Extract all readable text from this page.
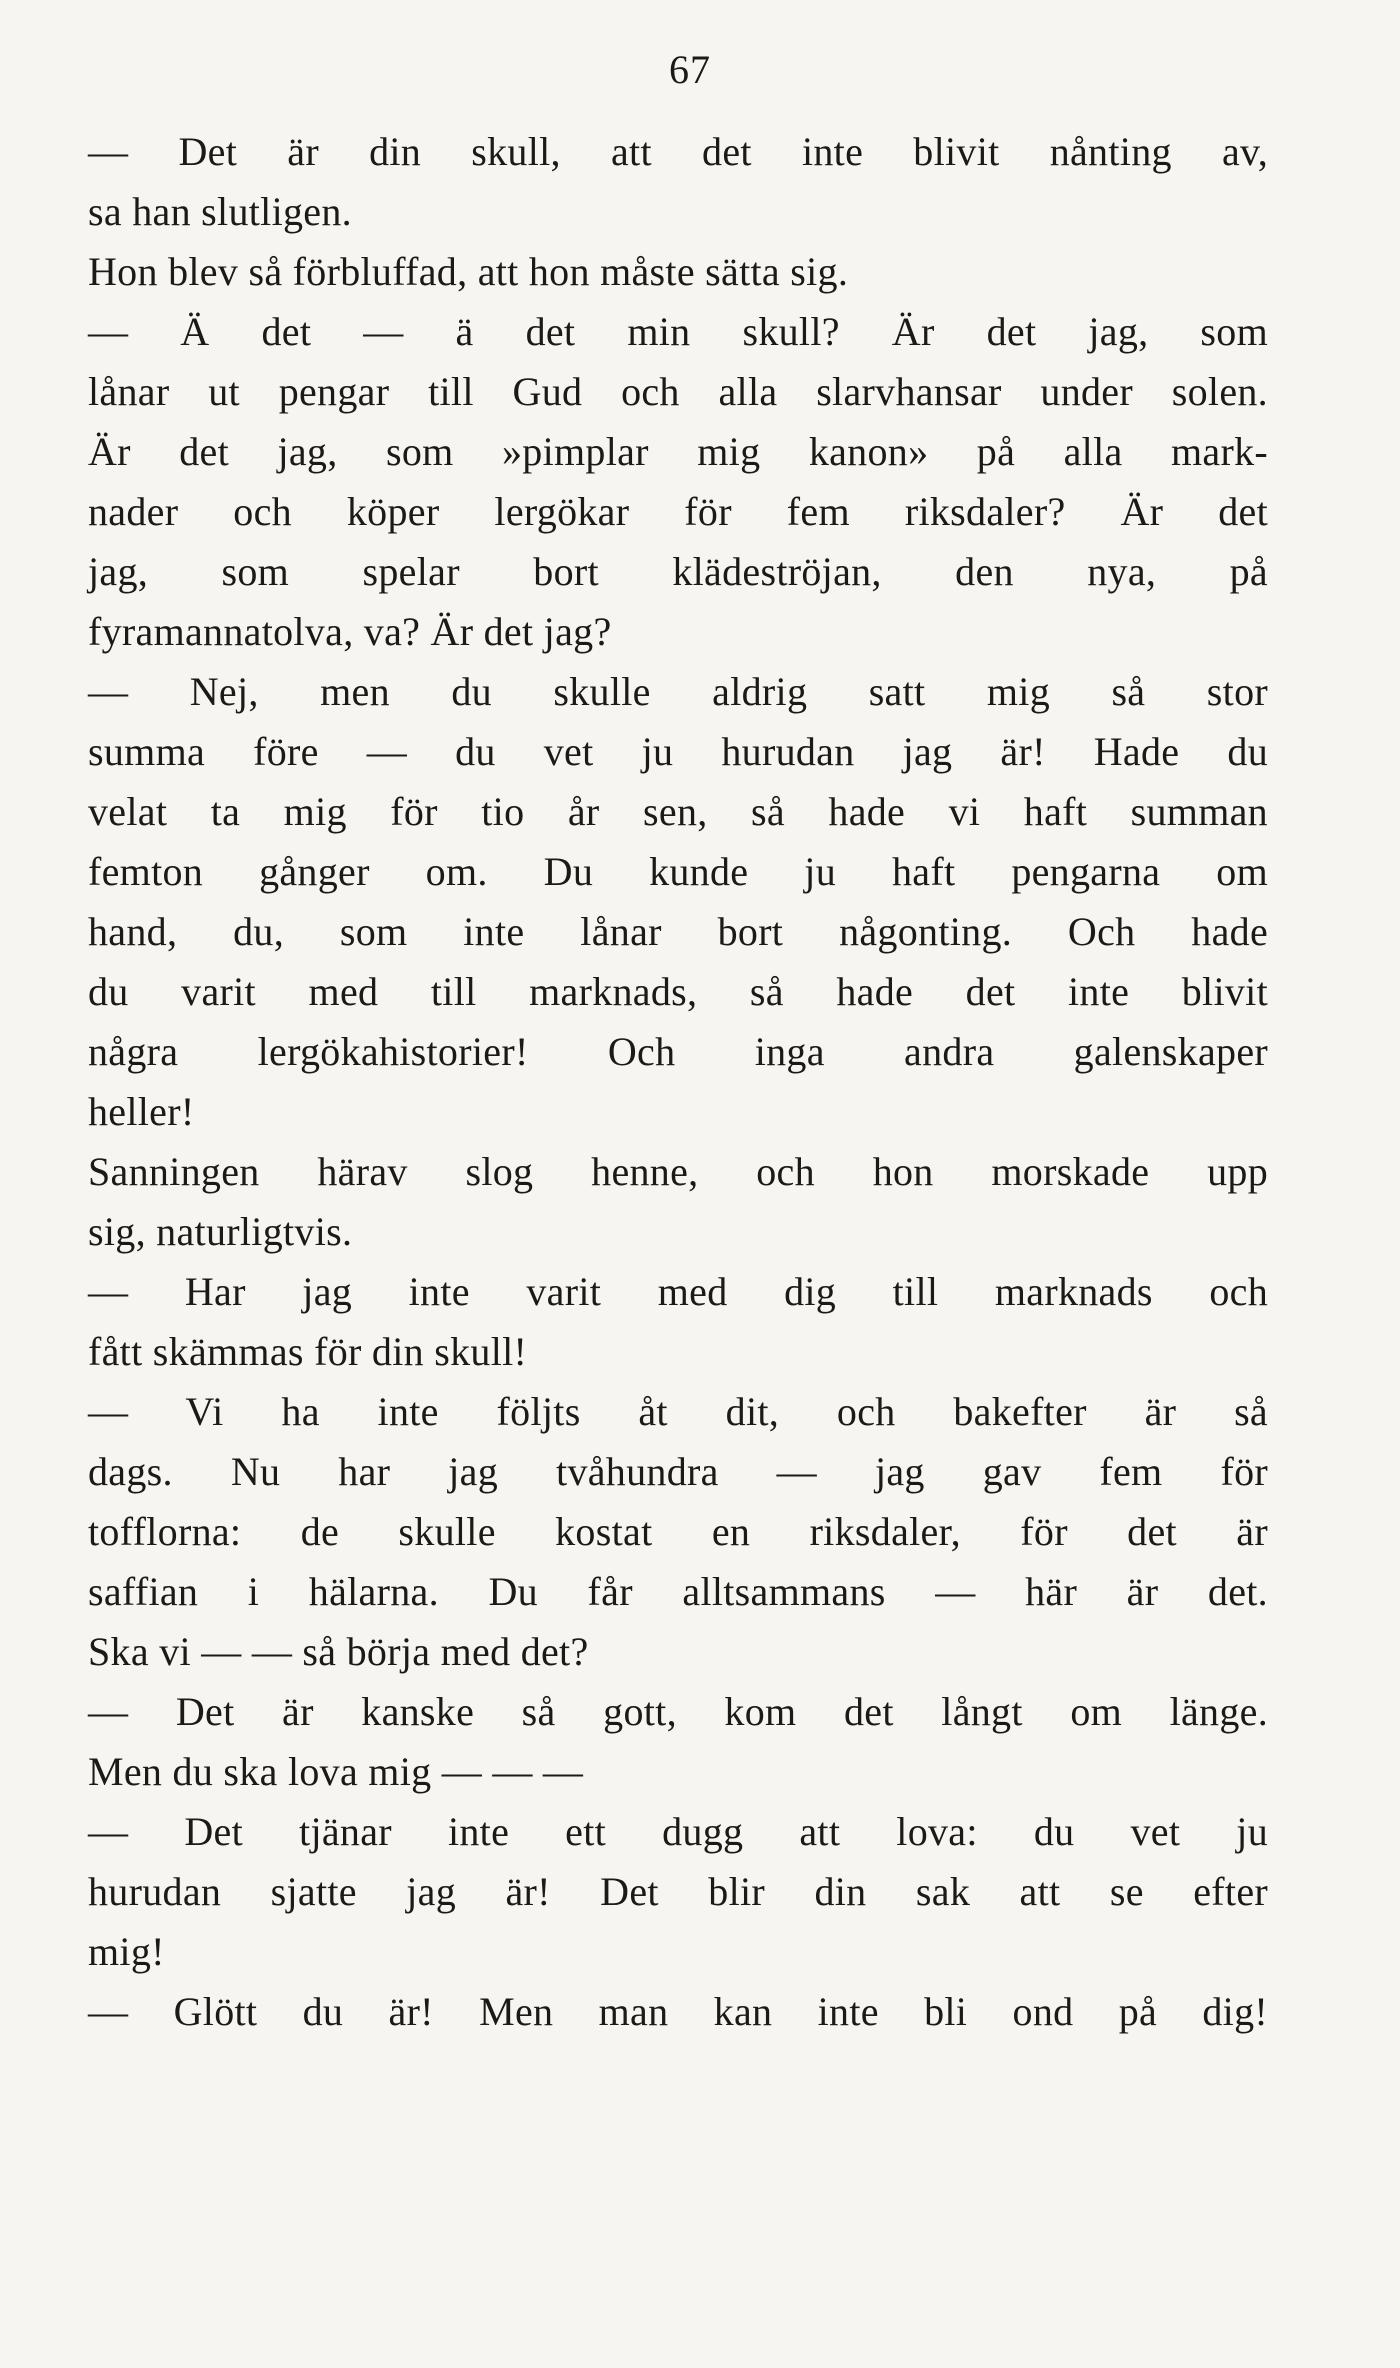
67
— Det är din skull, att det inte blivit nånting av,
sa han slutligen.
Hon blev så förbluffad, att hon måste sätta sig.
— Ä det — ä det min skull? Är det jag, som
lånar ut pengar till Gud och alla slarvhansar under solen.
Är det jag, som »pimplar mig kanon» på alla mark-
nader och köper lergökar för fem riksdaler? Är det
jag, som spelar bort klädeströjan, den nya, på
fyramannatolva, va? Är det jag?
— Nej, men du skulle aldrig satt mig så stor
summa före — du vet ju hurudan jag är! Hade du
velat ta mig för tio år sen, så hade vi haft summan
femton gånger om. Du kunde ju haft pengarna om
hand, du, som inte lånar bort någonting. Och hade
du varit med till marknads, så hade det inte blivit
några lergökahistorier! Och inga andra galenskaper
heller!
Sanningen härav slog henne, och hon morskade upp
sig, naturligtvis.
— Har jag inte varit med dig till marknads och
fått skämmas för din skull!
— Vi ha inte följts åt dit, och bakefter är så
dags. Nu har jag tvåhundra — jag gav fem för
tofflorna: de skulle kostat en riksdaler, för det är
saffian i hälarna. Du får alltsammans — här är det.
Ska vi — — så börja med det?
— Det är kanske så gott, kom det långt om länge.
Men du ska lova mig — — —
— Det tjänar inte ett dugg att lova: du vet ju
hurudan sjatte jag är! Det blir din sak att se efter
mig!
— Glött du är! Men man kan inte bli ond på dig!
